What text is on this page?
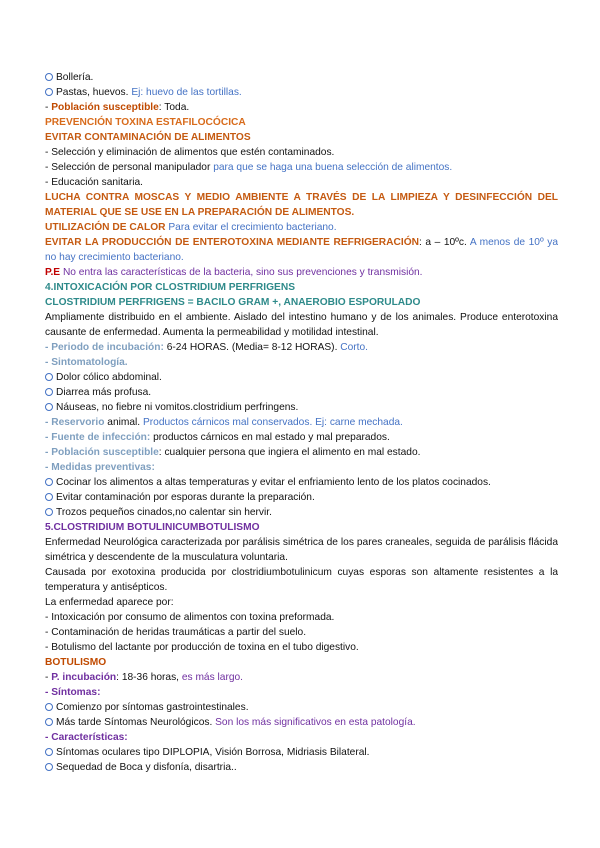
Bollería.
Pastas, huevos. Ej: huevo de las tortillas.
- Población susceptible: Toda.
PREVENCIÓN TOXINA ESTAFILOCÓCICA
EVITAR CONTAMINACIÓN DE ALIMENTOS
- Selección y eliminación de alimentos que estén contaminados.
- Selección de personal manipulador para que se haga una buena selección de alimentos.
- Educación sanitaria.
LUCHA CONTRA MOSCAS Y MEDIO AMBIENTE A TRAVÉS DE LA LIMPIEZA Y DESINFECCIÓN DEL MATERIAL QUE SE USE EN LA PREPARACIÓN DE ALIMENTOS.
UTILIZACIÓN DE CALOR Para evitar el crecimiento bacteriano.
EVITAR LA PRODUCCIÓN DE ENTEROTOXINA MEDIANTE REFRIGERACIÓN: a – 10ºc. A menos de 10º ya no hay crecimiento bacteriano.
P.E No entra las características de la bacteria, sino sus prevenciones y transmisión.
4.INTOXICACIÓN POR CLOSTRIDIUM PERFRIGENS
CLOSTRIDIUM PERFRIGENS = BACILO GRAM +, ANAEROBIO ESPORULADO
Ampliamente distribuido en el ambiente. Aislado del intestino humano y de los animales. Produce enterotoxina causante de enfermedad. Aumenta la permeabilidad y motilidad intestinal.
- Periodo de incubación: 6-24 HORAS. (Media= 8-12 HORAS). Corto.
- Sintomatología.
Dolor cólico abdominal.
Diarrea más profusa.
Náuseas, no fiebre ni vomitos.clostridium perfringens.
- Reservorio animal. Productos cárnicos mal conservados. Ej: carne mechada.
- Fuente de infección: productos cárnicos en mal estado y mal preparados.
- Población susceptible: cualquier persona que ingiera el alimento en mal estado.
- Medidas preventivas:
Cocinar los alimentos a altas temperaturas y evitar el enfriamiento lento de los platos cocinados.
Evitar contaminación por esporas durante la preparación.
Trozos pequeños cinados,no calentar sin hervir.
5.CLOSTRIDIUM BOTULINICUMBOTULISMO
Enfermedad Neurológica caracterizada por parálisis simétrica de los pares craneales, seguida de parálisis flácida simétrica y descendente de la musculatura voluntaria.
Causada por exotoxina producida por clostridiumbotulinicum cuyas esporas son altamente resistentes a la temperatura y antisépticos.
La enfermedad aparece por:
- Intoxicación por consumo de alimentos con toxina preformada.
- Contaminación de heridas traumáticas a partir del suelo.
- Botulismo del lactante por producción de toxina en el tubo digestivo.
BOTULISMO
- P. incubación: 18-36 horas, es más largo.
- Síntomas:
Comienzo por síntomas gastrointestinales.
Más tarde Síntomas Neurológicos. Son los más significativos en esta patología.
- Características:
Síntomas oculares tipo DIPLOPIA, Visión Borrosa, Midriasis Bilateral.
Sequedad de Boca y disfonía, disartria..
